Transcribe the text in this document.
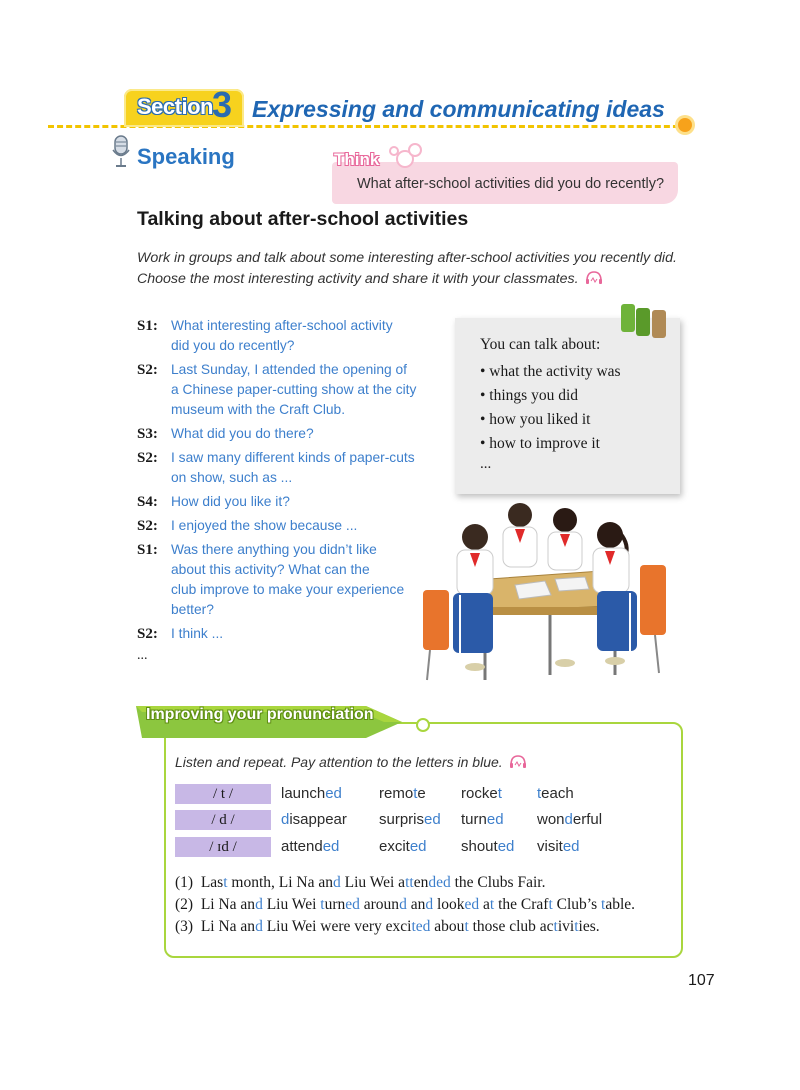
Section 3 Expressing and communicating ideas
Speaking	Think
What after-school activities did you do recently?
Talking about after-school activities
Work in groups and talk about some interesting after-school activities you recently did.
Choose the most interesting activity and share it with your classmates.
S1: What interesting after-school activity
did you do recently?
S2: Last Sunday, I attended the opening of
a Chinese paper-cutting show at the city
museum with the Craft Club.
S3: What did you do there?
S2: I saw many different kinds of paper-cuts
on show, such as ...
S4: How did you like it?
S2: I enjoyed the show because ...
S1: Was there anything you didn’t like
about this activity? What can the
club improve to make your experience
better?
S2: I think ...
...
You can talk about:
• what the activity was
• things you did
• how you liked it
• how to improve it
...
Improving your pronunciation
Listen and repeat. Pay attention to the letters in blue.
/ t /	launched remote rocket teach
/ d /	disappear surprised turned wonderful
/ ɪd /	attended	excited shouted visited
(1)  Last month, Li Na and Liu Wei attended the Clubs Fair.
(2)  Li Na and Liu Wei turned around and looked at the Craft Club’s table.
(3)  Li Na and Liu Wei were very excited about those club activities.
107
